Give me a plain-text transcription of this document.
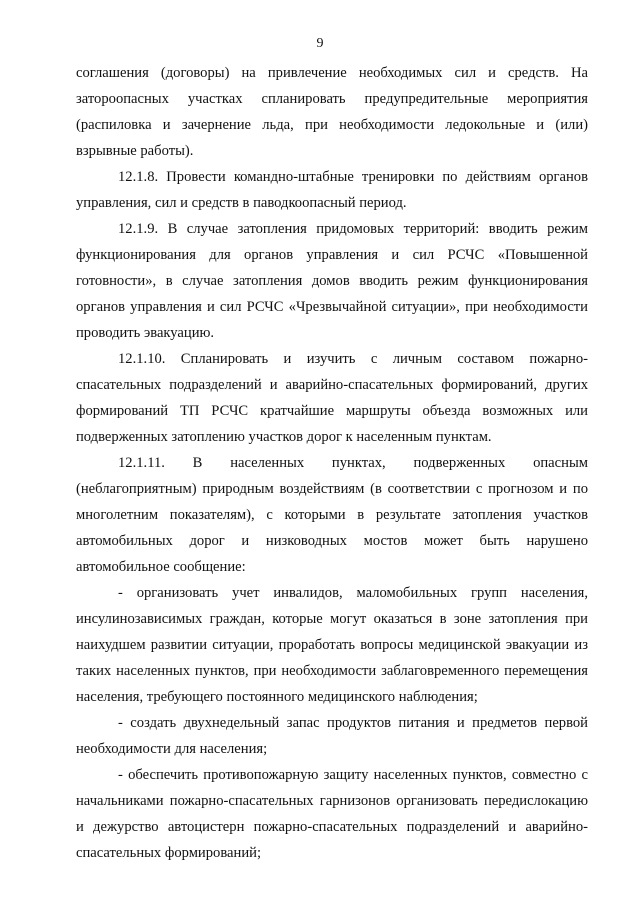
9

соглашения (договоры) на привлечение необходимых сил и средств. На заторoопасных участках спланировать предупредительные мероприятия (распиловка и зачернение льда, при необходимости ледокольные и (или) взрывные работы).

12.1.8. Провести командно-штабные тренировки по действиям органов управления, сил и средств в паводкоопасный период.

12.1.9. В случае затопления придомовых территорий: вводить режим функционирования для органов управления и сил РСЧС «Повышенной готовности», в случае затопления домов вводить режим функционирования органов управления и сил РСЧС «Чрезвычайной ситуации», при необходимости проводить эвакуацию.

12.1.10. Спланировать и изучить с личным составом пожарно-спасательных подразделений и аварийно-спасательных формирований, других формирований ТП РСЧС кратчайшие маршруты объезда возможных или подверженных затоплению участков дорог к населенным пунктам.

12.1.11. В населенных пунктах, подверженных опасным (неблагоприятным) природным воздействиям (в соответствии с прогнозом и по многолетним показателям), с которыми в результате затопления участков автомобильных дорог и низководных мостов может быть нарушено автомобильное сообщение:

- организовать учет инвалидов, маломобильных групп населения, инсулинозависимых граждан, которые могут оказаться в зоне затопления при наихудшем развитии ситуации, проработать вопросы медицинской эвакуации из таких населенных пунктов, при необходимости заблаговременного перемещения населения, требующего постоянного медицинского наблюдения;

- создать двухнедельный запас продуктов питания и предметов первой необходимости для населения;

- обеспечить противопожарную защиту населенных пунктов, совместно с начальниками пожарно-спасательных гарнизонов организовать передислокацию и дежурство автоцистерн пожарно-спасательных подразделений и аварийно-спасательных формирований;
